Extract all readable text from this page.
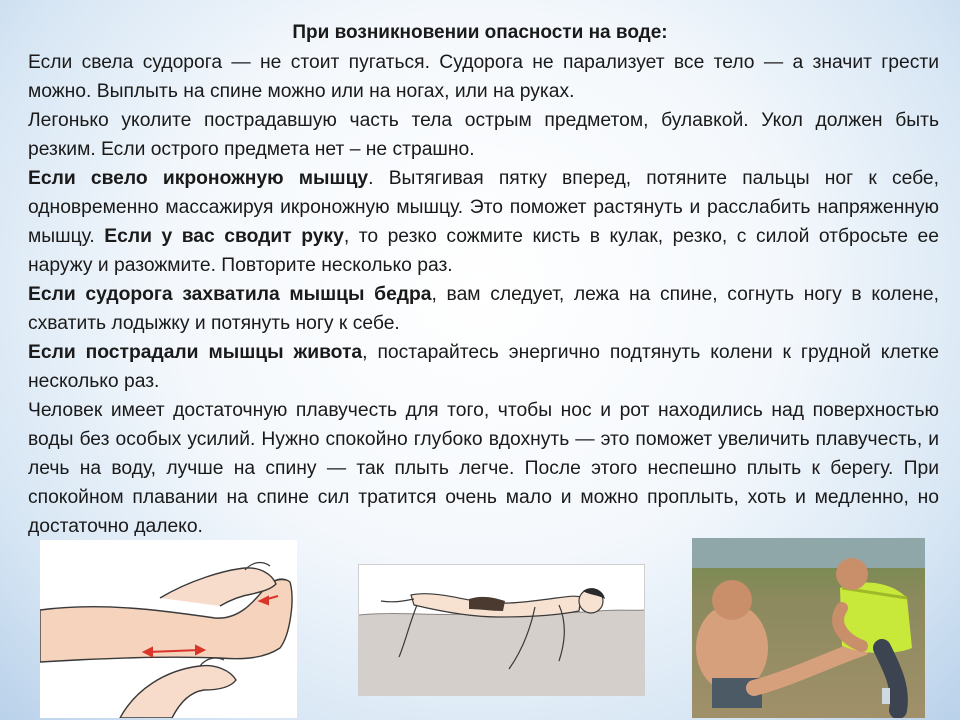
При возникновении опасности на воде:

Если свела судорога — не стоит пугаться. Судорога не парализует все тело — а значит грести можно. Выплыть на спине можно или на ногах, или на руках.

Легонько уколите пострадавшую часть тела острым предметом, булавкой. Укол должен быть резким. Если острого предмета нет – не страшно.

Если свело икроножную мышцу. Вытягивая пятку вперед, потяните пальцы ног к себе, одновременно массажируя икроножную мышцу. Это поможет растянуть и расслабить напряженную мышцу. Если у вас сводит руку, то резко сожмите кисть в кулак, резко, с силой отбросьте ее наружу и разожмите. Повторите несколько раз.

Если судорога захватила мышцы бедра, вам следует, лежа на спине, согнуть ногу в колене, схватить лодыжку и потянуть ногу к себе.

Если пострадали мышцы живота, постарайтесь энергично подтянуть колени к грудной клетке несколько раз.

Человек имеет достаточную плавучесть для того, чтобы нос и рот находились над поверхностью воды без особых усилий. Нужно спокойно глубоко вдохнуть — это поможет увеличить плавучесть, и лечь на воду, лучше на спину — так плыть легче. После этого неспешно плыть к берегу. При спокойном плавании на спине сил тратится очень мало и можно проплыть, хоть и медленно, но достаточно далеко.
